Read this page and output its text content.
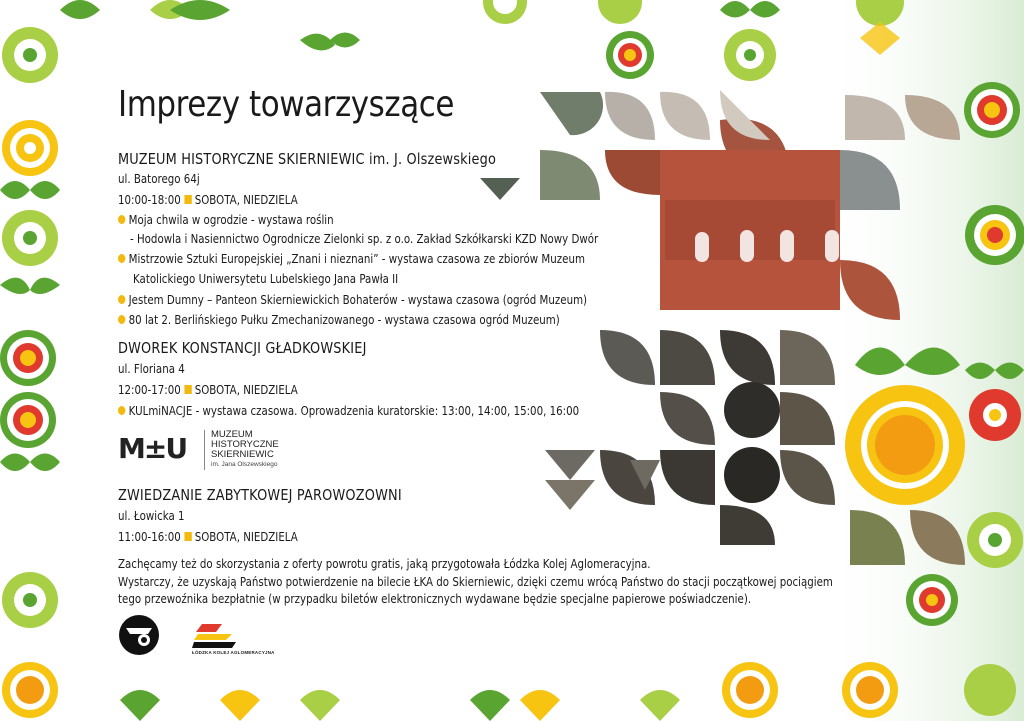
Imprezy towarzyszące
MUZEUM HISTORYCZNE SKIERNIEWIC im. J. Olszewskiego
ul. Batorego 64j
10:00-18:00 SOBOTA, NIEDZIELA
Moja chwila w ogrodzie - wystawa roślin
- Hodowla i Nasiennictwo Ogrodnicze Zielonki sp. z o.o. Zakład Szkółkarski KZD Nowy Dwór
Mistrzowie Sztuki Europejskiej „Znani i nieznani” - wystawa czasowa ze zbiorów Muzeum
Katolickiego Uniwersytetu Lubelskiego Jana Pawła II
Jestem Dumny – Panteon Skierniewickich Bohaterów - wystawa czasowa (ogród Muzeum)
80 lat 2. Berlińskiego Pułku Zmechanizowanego - wystawa czasowa ogród Muzeum)
DWOREK KONSTANCJI GŁADKOWSKIEJ
ul. Floriana 4
12:00-17:00 SOBOTA, NIEDZIELA
KULmiNACJE - wystawa czasowa. Oprowadzenia kuratorskie: 13:00, 14:00, 15:00, 16:00
M±U	MUZEUM
HISTORYCZNE
SKIERNIEWIC
im. Jana Olszewskiego
ZWIEDZANIE ZABYTKOWEJ PAROWOZOWNI
ul. Łowicka 1
11:00-16:00 SOBOTA, NIEDZIELA
Zachęcamy też do skorzystania z oferty powrotu gratis, jaką przygotowała Łódzka Kolej Aglomeracyjna.
Wystarczy, że uzyskają Państwo potwierdzenie na bilecie ŁKA do Skierniewic, dzięki czemu wrócą Państwo do stacji początkowej pociągiem
tego przewoźnika bezpłatnie (w przypadku biletów elektronicznych wydawane będzie specjalne papierowe poświadczenie).
ŁÓDZKA KOLEJ AGLOMERACYJNA
